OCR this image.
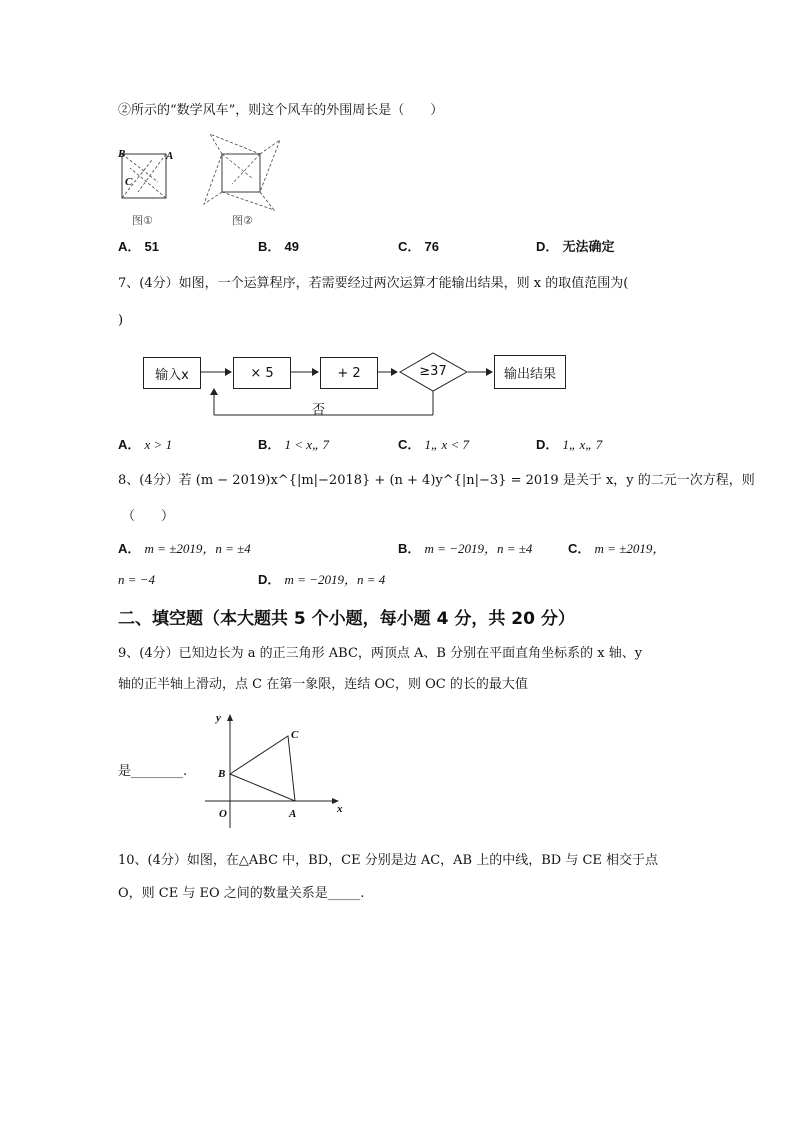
②所示的“数学风车”，则这个风车的外围周长是（　　）
B	A
C
图①	图②
A． 51	B． 49	C． 76	D． 无法确定
7、(4分）如图，一个运算程序，若需要经过两次运算才能输出结果，则 x 的取值范围为(
)
输入x	× 5	+ 2	≥37	输出结果
否
A． x > 1	B． 1 < x„ 7	C． 1„ x < 7	D． 1„ x„ 7
8、(4分）若 (m − 2019)x^{|m|−2018} + (n + 4)y^{|n|−3} = 2019 是关于 x，y 的二元一次方程，则
（　　）
A． m = ±2019，n = ±4	B． m = −2019，n = ±4	C． m = ±2019，
n = −4	D． m = −2019，n = 4
二、填空题（本大题共 5 个小题，每小题 4 分，共 20 分）
9、(4分）已知边长为 a 的正三角形 ABC，两顶点 A、B 分别在平面直角坐标系的 x 轴、y
轴的正半轴上滑动，点 C 在第一象限，连结 OC，则 OC 的长的最大值
是________.
y
x
O	A
B
C
10、(4分）如图，在△ABC 中，BD，CE 分别是边 AC，AB 上的中线，BD 与 CE 相交于点
O，则 CE 与 EO 之间的数量关系是_____.
